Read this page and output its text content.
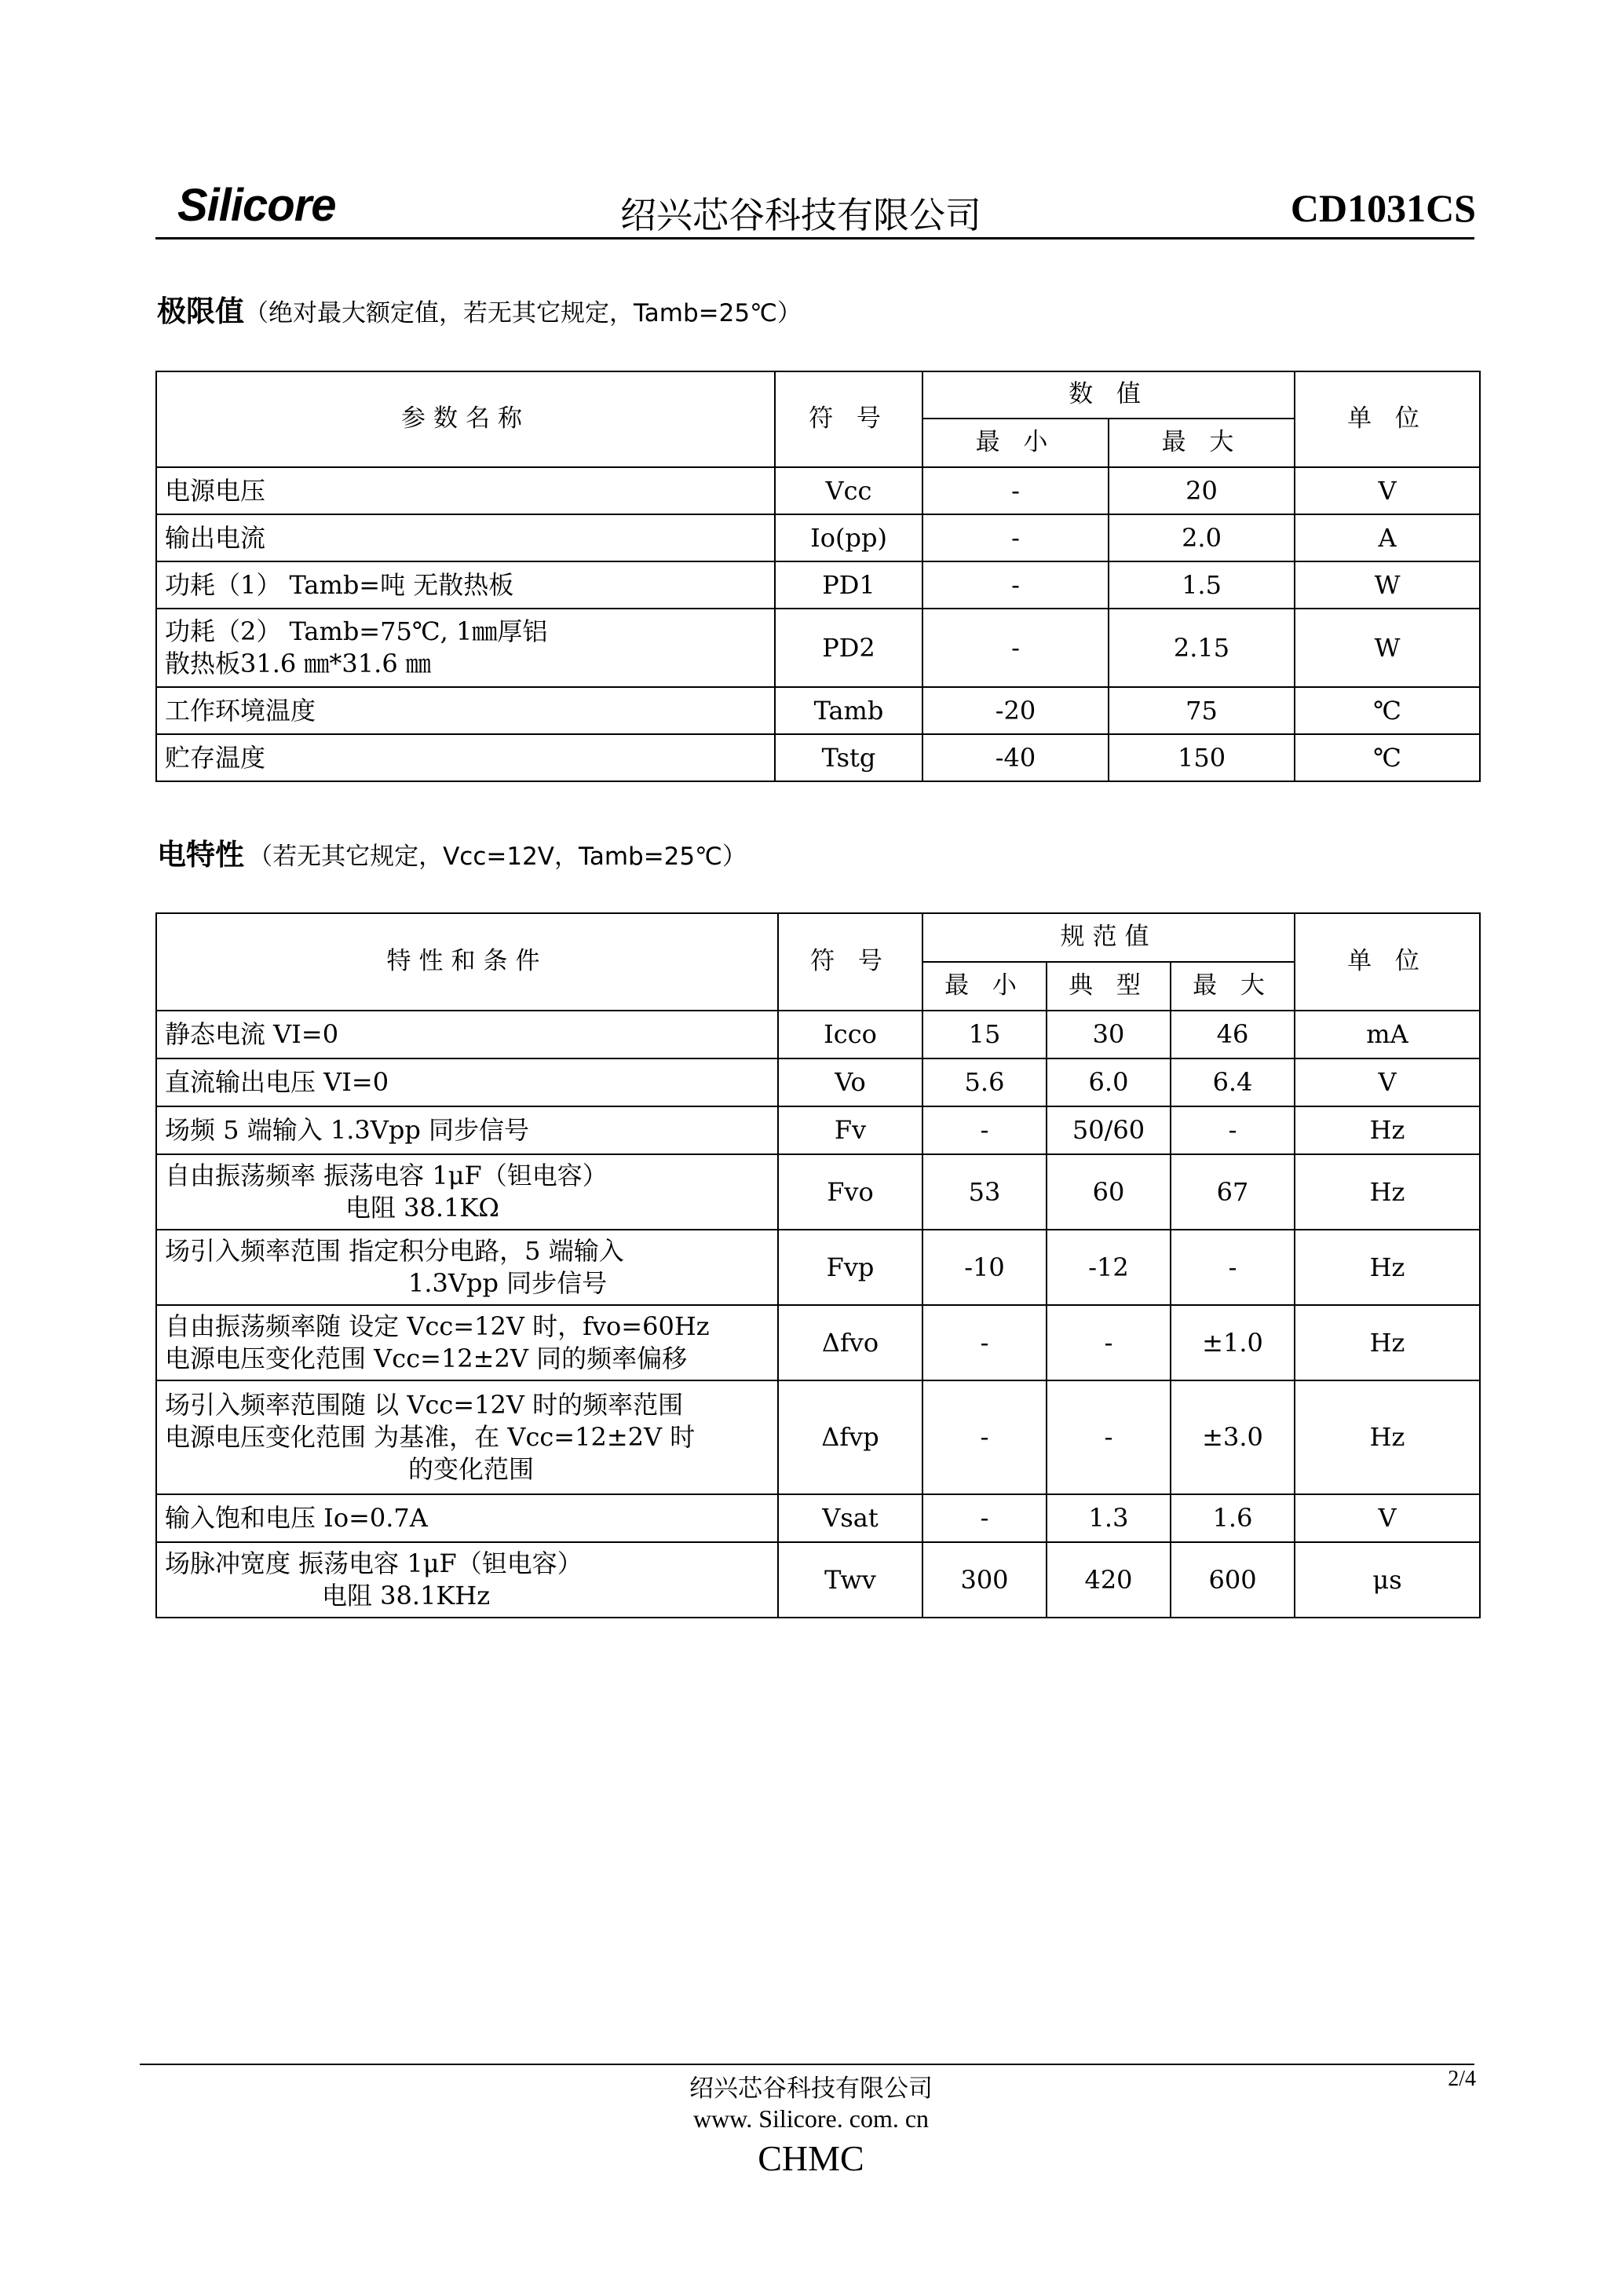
Silicore	绍兴芯谷科技有限公司	CD1031CS
极限值（绝对最大额定值，若无其它规定，Tamb=25℃）
参数名称	符 号	数 值		单 位
		最 小	最 大	
电源电压	Vcc	-	20	V
输出电流	Io(pp)	-	2.0	A
功耗（1） Tamb=吨 无散热板	PD1	-	1.5	W

功耗（2） Tamb=75℃, 1㎜厚铝
散热板31.6 ㎜*31.6 ㎜	PD2	-	2.15	W
工作环境温度	Tamb	-20	75	℃
贮存温度	Tstg	-40	150	℃
电特性 （若无其它规定，Vcc=12V，Tamb=25℃）
特性和条件	符 号	规范值			单 位
		最 小	典 型	最 大	
静态电流 VI=0	Icco	15	30	46	mA
直流输出电压 VI=0	Vo	5.6	6.0	6.4	V
场频 5 端输入 1.3Vpp 同步信号	Fv	-	50/60	-	Hz

自由振荡频率 振荡电容 1μF（钽电容）
电阻 38.1KΩ	Fvo	53	60	67	Hz

场引入频率范围 指定积分电路，5 端输入
1.3Vpp 同步信号	Fvp	-10	-12	-	Hz

自由振荡频率随 设定 Vcc=12V 时，fvo=60Hz
电源电压变化范围 Vcc=12±2V 同的频率偏移	Δfvo	-	-	±1.0	Hz

场引入频率范围随 以 Vcc=12V 时的频率范围
电源电压变化范围 为基准，在 Vcc=12±2V 时
的变化范围	Δfvp	-	-	±3.0	Hz
输入饱和电压 Io=0.7A	Vsat	-	1.3	1.6	V

场脉冲宽度 振荡电容 1μF（钽电容）
电阻 38.1KHz	Twv	300	420	600	μs
绍兴芯谷科技有限公司
www. Silicore. com. cn
CHMC
2/4
